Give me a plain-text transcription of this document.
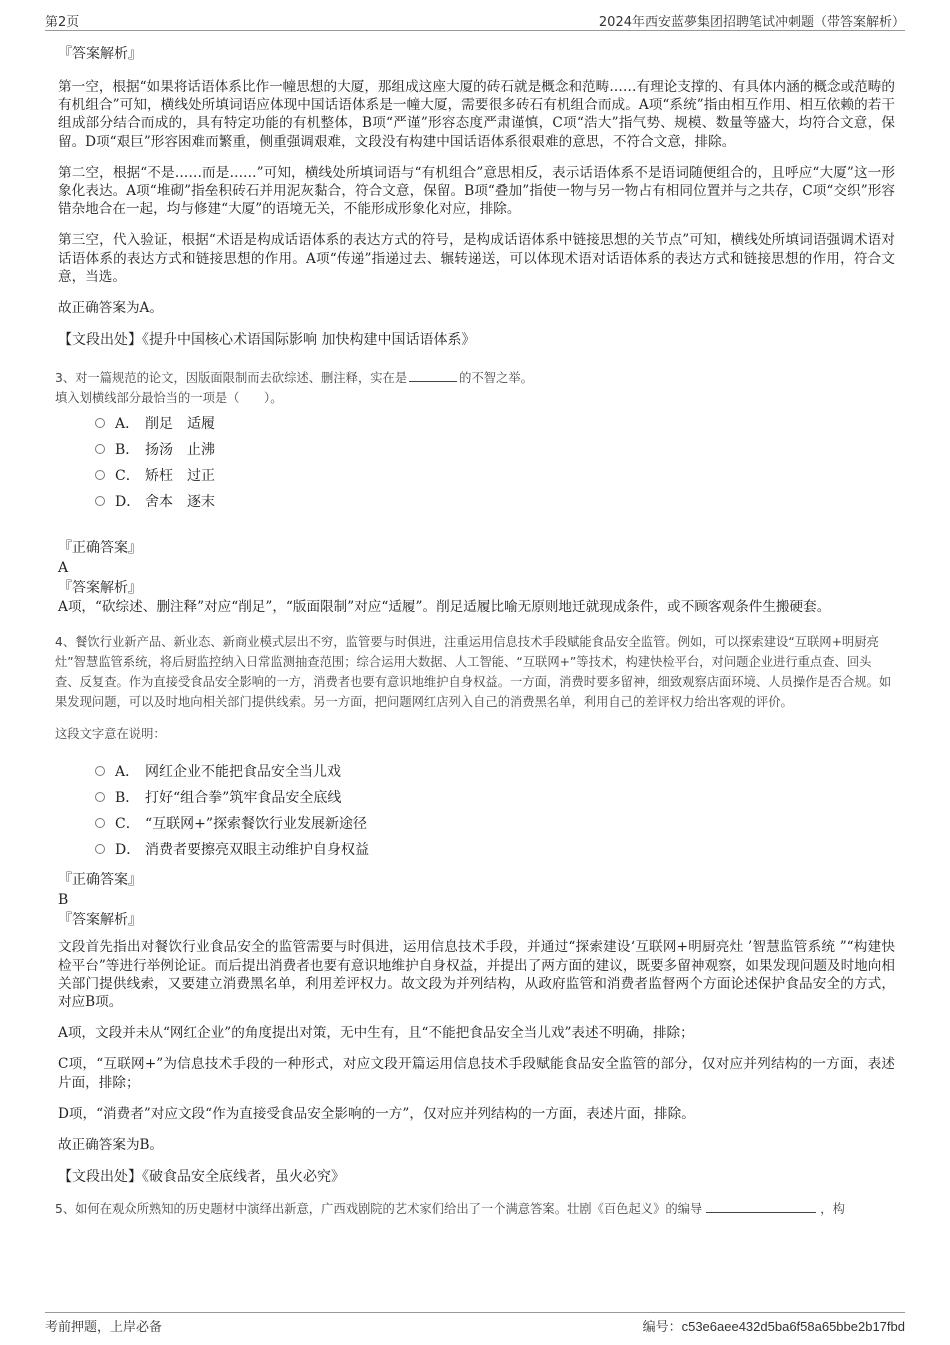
第2页	2024年西安蓝夢集团招聘笔试冲刺题（带答案解析）
『答案解析』

第一空，根据“如果将话语体系比作一幢思想的大厦，那组成这座大厦的砖石就是概念和范畴……有理论支撑的、有具体内涵的概念或范畴的有机组合”可知，横线处所填词语应体现中国话语体系是一幢大厦，需要很多砖石有机组合而成。A项“系统”指由相互作用、相互依赖的若干组成部分结合而成的，具有特定功能的有机整体，B项“严谨”形容态度严肃谨慎，C项“浩大”指气势、规模、数量等盛大，均符合文意，保留。D项“艰巨”形容困难而繁重，侧重强调艰难，文段没有构建中国话语体系很艰难的意思，不符合文意，排除。

第二空，根据“不是……而是……”可知，横线处所填词语与“有机组合”意思相反，表示话语体系不是语词随便组合的，且呼应“大厦”这一形象化表达。A项“堆砌”指垒积砖石并用泥灰黏合，符合文意，保留。B项“叠加”指使一物与另一物占有相同位置并与之共存，C项“交织”形容错杂地合在一起，均与修建“大厦”的语境无关，不能形成形象化对应，排除。

第三空，代入验证，根据“术语是构成话语体系的表达方式的符号，是构成话语体系中链接思想的关节点”可知，横线处所填词语强调术语对话语体系的表达方式和链接思想的作用。A项“传递”指递过去、辗转递送，可以体现术语对话语体系的表达方式和链接思想的作用，符合文意，当选。

故正确答案为A。

【文段出处】《提升中国核心术语国际影响 加快构建中国话语体系》

3、对一篇规范的论文，因版面限制而去砍综述、删注释，实在是	的不智之举。

填入划横线部分最恰当的一项是（　　）。

A． 削足　适履
B． 扬汤　止沸
C． 矫枉　过正
D． 舍本　逐末
『正确答案』
A
『答案解析』

A项，“砍综述、删注释”对应“削足”，“版面限制”对应“适履”。削足适履比喻无原则地迁就现成条件，或不顾客观条件生搬硬套。

4、餐饮行业新产品、新业态、新商业模式层出不穷，监管要与时俱进，注重运用信息技术手段赋能食品安全监管。例如，可以探索建设“互联网+明厨亮灶”智慧监管系统，将后厨监控纳入日常监测抽查范围；综合运用大数据、人工智能、“互联网+”等技术，构建快检平台，对问题企业进行重点查、回头查、反复查。作为直接受食品安全影响的一方，消费者也要有意识地维护自身权益。一方面，消费时要多留神，细致观察店面环境、人员操作是否合规。如果发现问题，可以及时地向相关部门提供线索。另一方面，把问题网红店列入自己的消费黑名单，利用自己的差评权力给出客观的评价。

这段文字意在说明：

A． 网红企业不能把食品安全当儿戏
B． 打好“组合拳”筑牢食品安全底线
C． “互联网+”探索餐饮行业发展新途径
D． 消费者要擦亮双眼主动维护自身权益
『正确答案』
B
『答案解析』

文段首先指出对餐饮行业食品安全的监管需要与时俱进，运用信息技术手段，并通过“探索建设‘互联网+明厨亮灶 ’智慧监管系统 ”“构建快检平台”等进行举例论证。而后提出消费者也要有意识地维护自身权益，并提出了两方面的建议，既要多留神观察，如果发现问题及时地向相关部门提供线索，又要建立消费黑名单，利用差评权力。故文段为并列结构，从政府监管和消费者监督两个方面论述保护食品安全的方式，对应B项。

A项，文段并未从“网红企业”的角度提出对策，无中生有，且“不能把食品安全当儿戏”表述不明确，排除；

C项，“互联网+”为信息技术手段的一种形式，对应文段开篇运用信息技术手段赋能食品安全监管的部分，仅对应并列结构的一方面，表述片面，排除；

D项，“消费者”对应文段“作为直接受食品安全影响的一方”，仅对应并列结构的一方面，表述片面，排除。

故正确答案为B。

【文段出处】《破食品安全底线者，虽火必究》

5、如何在观众所熟知的历史题材中演绎出新意，广西戏剧院的艺术家们给出了一个满意答案。壮剧《百色起义》的编导	，构

考前押题，上岸必备	编号：c53e6aee432d5ba6f58a65bbe2b17fbd
